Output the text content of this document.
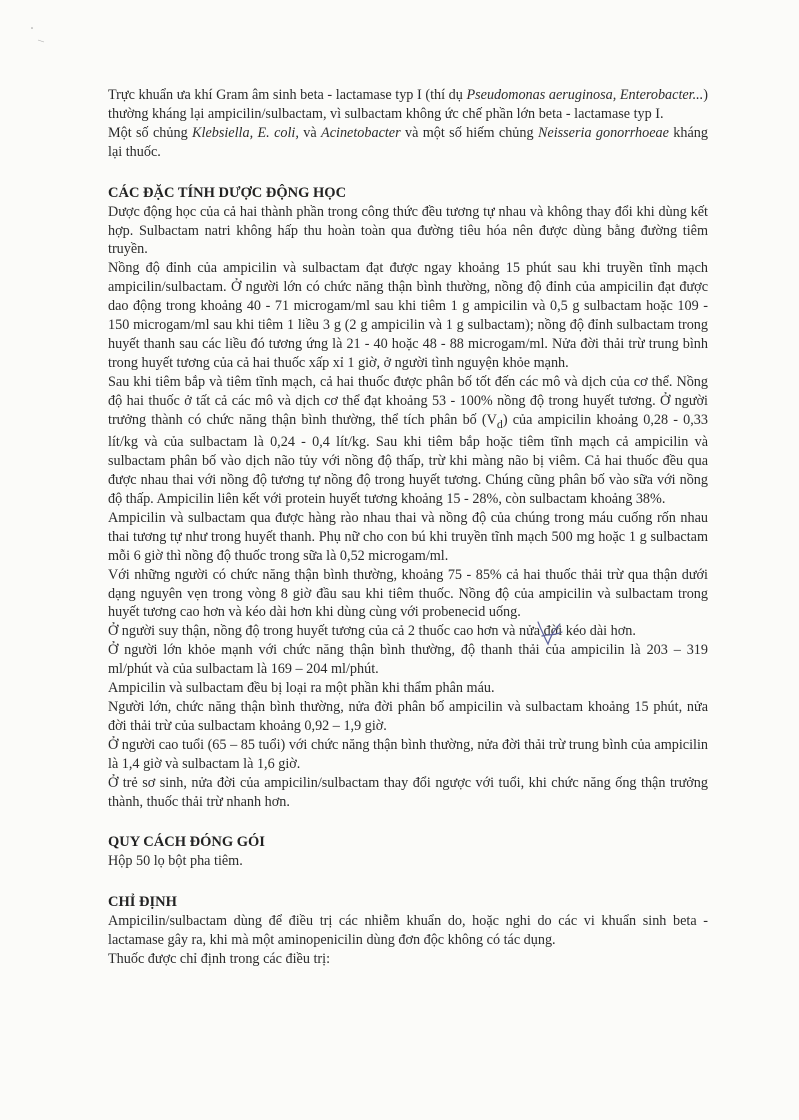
Trực khuẩn ưa khí Gram âm sinh beta - lactamase typ I (thí dụ Pseudomonas aeruginosa, Enterobacter...) thường kháng lại ampicilin/sulbactam, vì sulbactam không ức chế phần lớn beta - lactamase typ I.

Một số chủng Klebsiella, E. coli, và Acinetobacter và một số hiếm chủng Neisseria gonorrhoeae kháng lại thuốc.

CÁC ĐẶC TÍNH DƯỢC ĐỘNG HỌC

Dược động học của cả hai thành phần trong công thức đều tương tự nhau và không thay đổi khi dùng kết hợp. Sulbactam natri không hấp thu hoàn toàn qua đường tiêu hóa nên được dùng bằng đường tiêm truyền.

Nồng độ đỉnh của ampicilin và sulbactam đạt được ngay khoảng 15 phút sau khi truyền tĩnh mạch ampicilin/sulbactam. Ở người lớn có chức năng thận bình thường, nồng độ đỉnh của ampicilin đạt được dao động trong khoảng 40 - 71 microgam/ml sau khi tiêm 1 g ampicilin và 0,5 g sulbactam hoặc 109 - 150 microgam/ml sau khi tiêm 1 liều 3 g (2 g ampicilin và 1 g sulbactam); nồng độ đỉnh sulbactam trong huyết thanh sau các liều đó tương ứng là 21 - 40 hoặc 48 - 88 microgam/ml. Nửa đời thải trừ trung bình trong huyết tương của cả hai thuốc xấp xỉ 1 giờ, ở người tình nguyện khỏe mạnh.

Sau khi tiêm bắp và tiêm tĩnh mạch, cả hai thuốc được phân bố tốt đến các mô và dịch của cơ thể. Nồng độ hai thuốc ở tất cả các mô và dịch cơ thể đạt khoảng 53 - 100% nồng độ trong huyết tương. Ở người trưởng thành có chức năng thận bình thường, thể tích phân bố $(V_d)$ của ampicilin khoảng 0,28 - 0,33 lít/kg và của sulbactam là 0,24 - 0,4 lít/kg. Sau khi tiêm bắp hoặc tiêm tĩnh mạch cả ampicilin và sulbactam phân bố vào dịch não tủy với nồng độ thấp, trừ khi màng não bị viêm. Cả hai thuốc đều qua được nhau thai với nồng độ tương tự nồng độ trong huyết tương. Chúng cũng phân bố vào sữa với nồng độ thấp. Ampicilin liên kết với protein huyết tương khoảng 15 - 28%, còn sulbactam khoảng 38%.

Ampicilin và sulbactam qua được hàng rào nhau thai và nồng độ của chúng trong máu cuống rốn nhau thai tương tự như trong huyết thanh. Phụ nữ cho con bú khi truyền tĩnh mạch 500 mg hoặc 1 g sulbactam mỗi 6 giờ thì nồng độ thuốc trong sữa là 0,52 microgam/ml.

Với những người có chức năng thận bình thường, khoảng 75 - 85% cả hai thuốc thải trừ qua thận dưới dạng nguyên vẹn trong vòng 8 giờ đầu sau khi tiêm thuốc. Nồng độ của ampicilin và sulbactam trong huyết tương cao hơn và kéo dài hơn khi dùng cùng với probenecid uống.

Ở người suy thận, nồng độ trong huyết tương của cả 2 thuốc cao hơn và nửa đời kéo dài hơn.

Ở người lớn khỏe mạnh với chức năng thận bình thường, độ thanh thải của ampicilin là 203 – 319 ml/phút và của sulbactam là 169 – 204 ml/phút.

Ampicilin và sulbactam đều bị loại ra một phần khi thẩm phân máu.

Người lớn, chức năng thận bình thường, nửa đời phân bố ampicilin và sulbactam khoảng 15 phút, nửa đời thải trừ của sulbactam khoảng 0,92 – 1,9 giờ.

Ở người cao tuổi (65 – 85 tuổi) với chức năng thận bình thường, nửa đời thải trừ trung bình của ampicilin là 1,4 giờ và sulbactam là 1,6 giờ.

Ở trẻ sơ sinh, nửa đời của ampicilin/sulbactam thay đổi ngược với tuổi, khi chức năng ống thận trưởng thành, thuốc thải trừ nhanh hơn.

QUY CÁCH ĐÓNG GÓI

Hộp 50 lọ bột pha tiêm.

CHỈ ĐỊNH

Ampicilin/sulbactam dùng để điều trị các nhiễm khuẩn do, hoặc nghi do các vi khuẩn sinh beta - lactamase gây ra, khi mà một aminopenicilin dùng đơn độc không có tác dụng.

Thuốc được chỉ định trong các điều trị:
